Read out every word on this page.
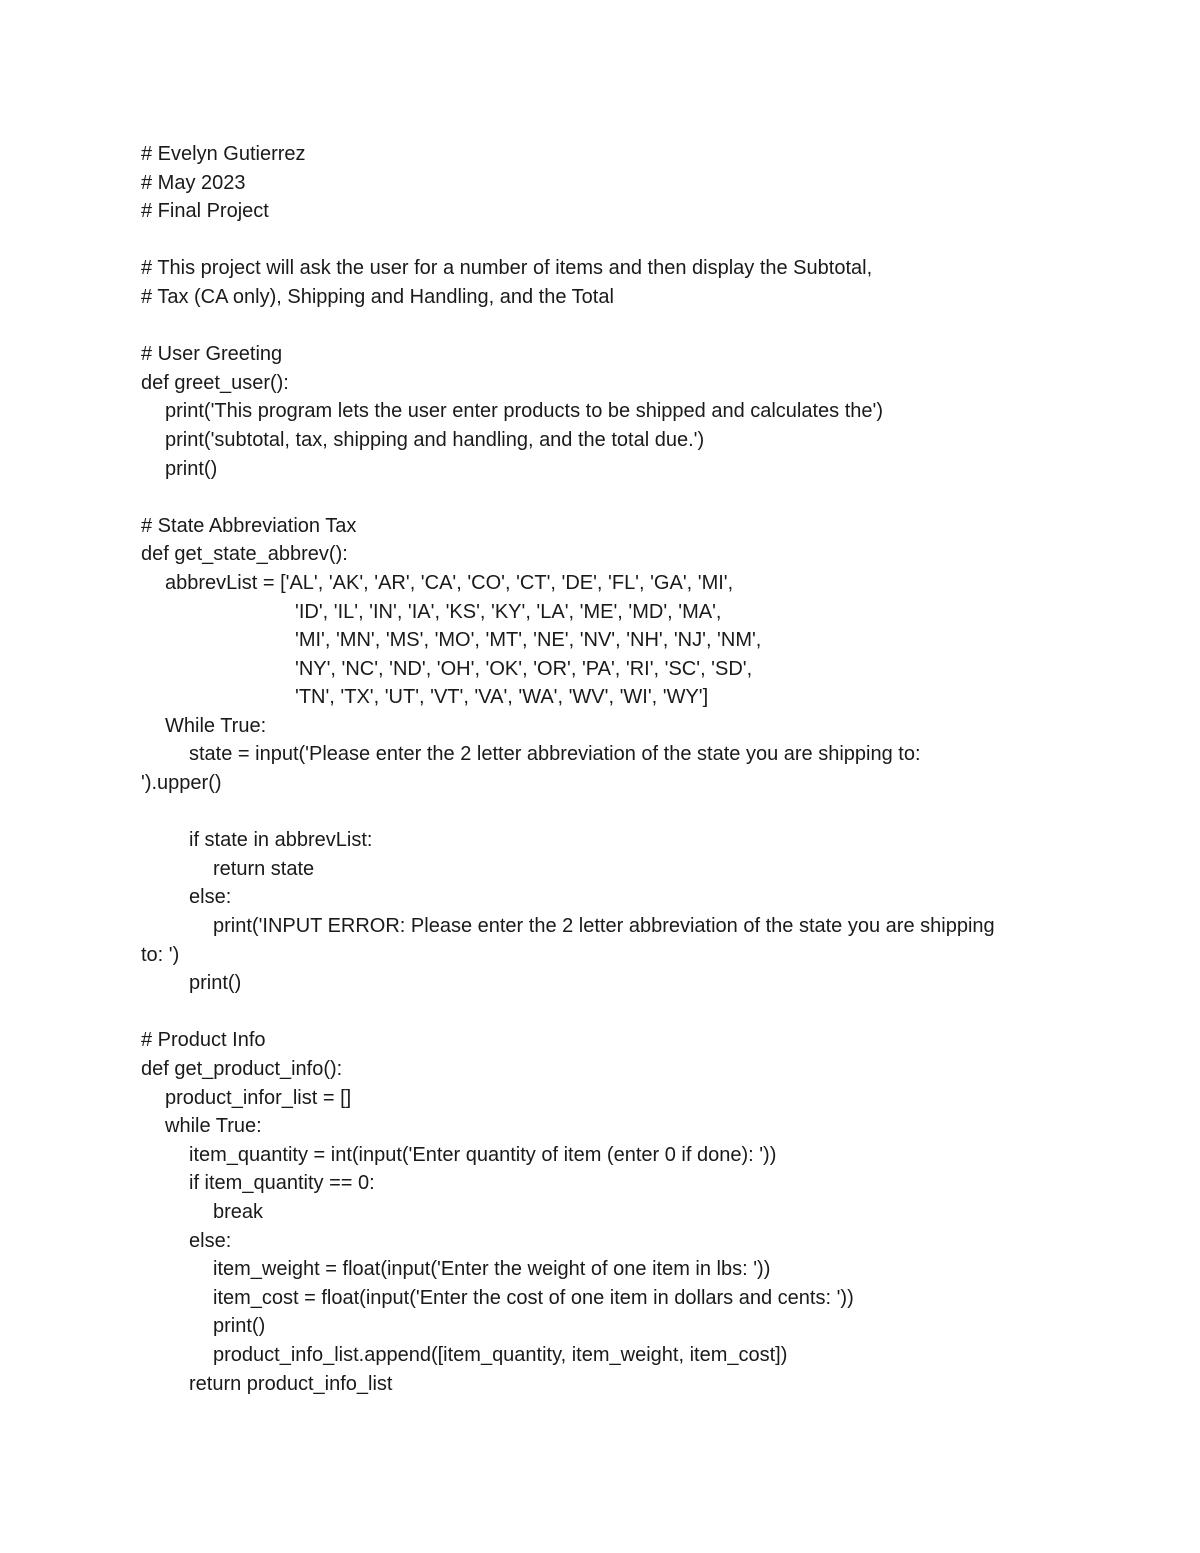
# Evelyn Gutierrez
# May 2023
# Final Project
# This project will ask the user for a number of items and then display the Subtotal,
# Tax (CA only), Shipping and Handling, and the Total
# User Greeting
def greet_user():
print('This program lets the user enter products to be shipped and calculates the')
print('subtotal, tax, shipping and handling, and the total due.')
print()
# State Abbreviation Tax
def get_state_abbrev():
abbrevList = ['AL', 'AK', 'AR', 'CA', 'CO', 'CT', 'DE', 'FL', 'GA', 'MI',
'ID', 'IL', 'IN', 'IA', 'KS', 'KY', 'LA', 'ME', 'MD', 'MA',
'MI', 'MN', 'MS', 'MO', 'MT', 'NE', 'NV', 'NH', 'NJ', 'NM',
'NY', 'NC', 'ND', 'OH', 'OK', 'OR', 'PA', 'RI', 'SC', 'SD',
'TN', 'TX', 'UT', 'VT', 'VA', 'WA', 'WV', 'WI', 'WY']
While True:
state = input('Please enter the 2 letter abbreviation of the state you are shipping to:
').upper()
if state in abbrevList:
return state
else:
print('INPUT ERROR: Please enter the 2 letter abbreviation of the state you are shipping
to: ')
print()
# Product Info
def get_product_info():
product_infor_list = []
while True:
item_quantity = int(input('Enter quantity of item (enter 0 if done): '))
if item_quantity == 0:
break
else:
item_weight = float(input('Enter the weight of one item in lbs: '))
item_cost = float(input('Enter the cost of one item in dollars and cents: '))
print()
product_info_list.append([item_quantity, item_weight, item_cost])
return product_info_list
